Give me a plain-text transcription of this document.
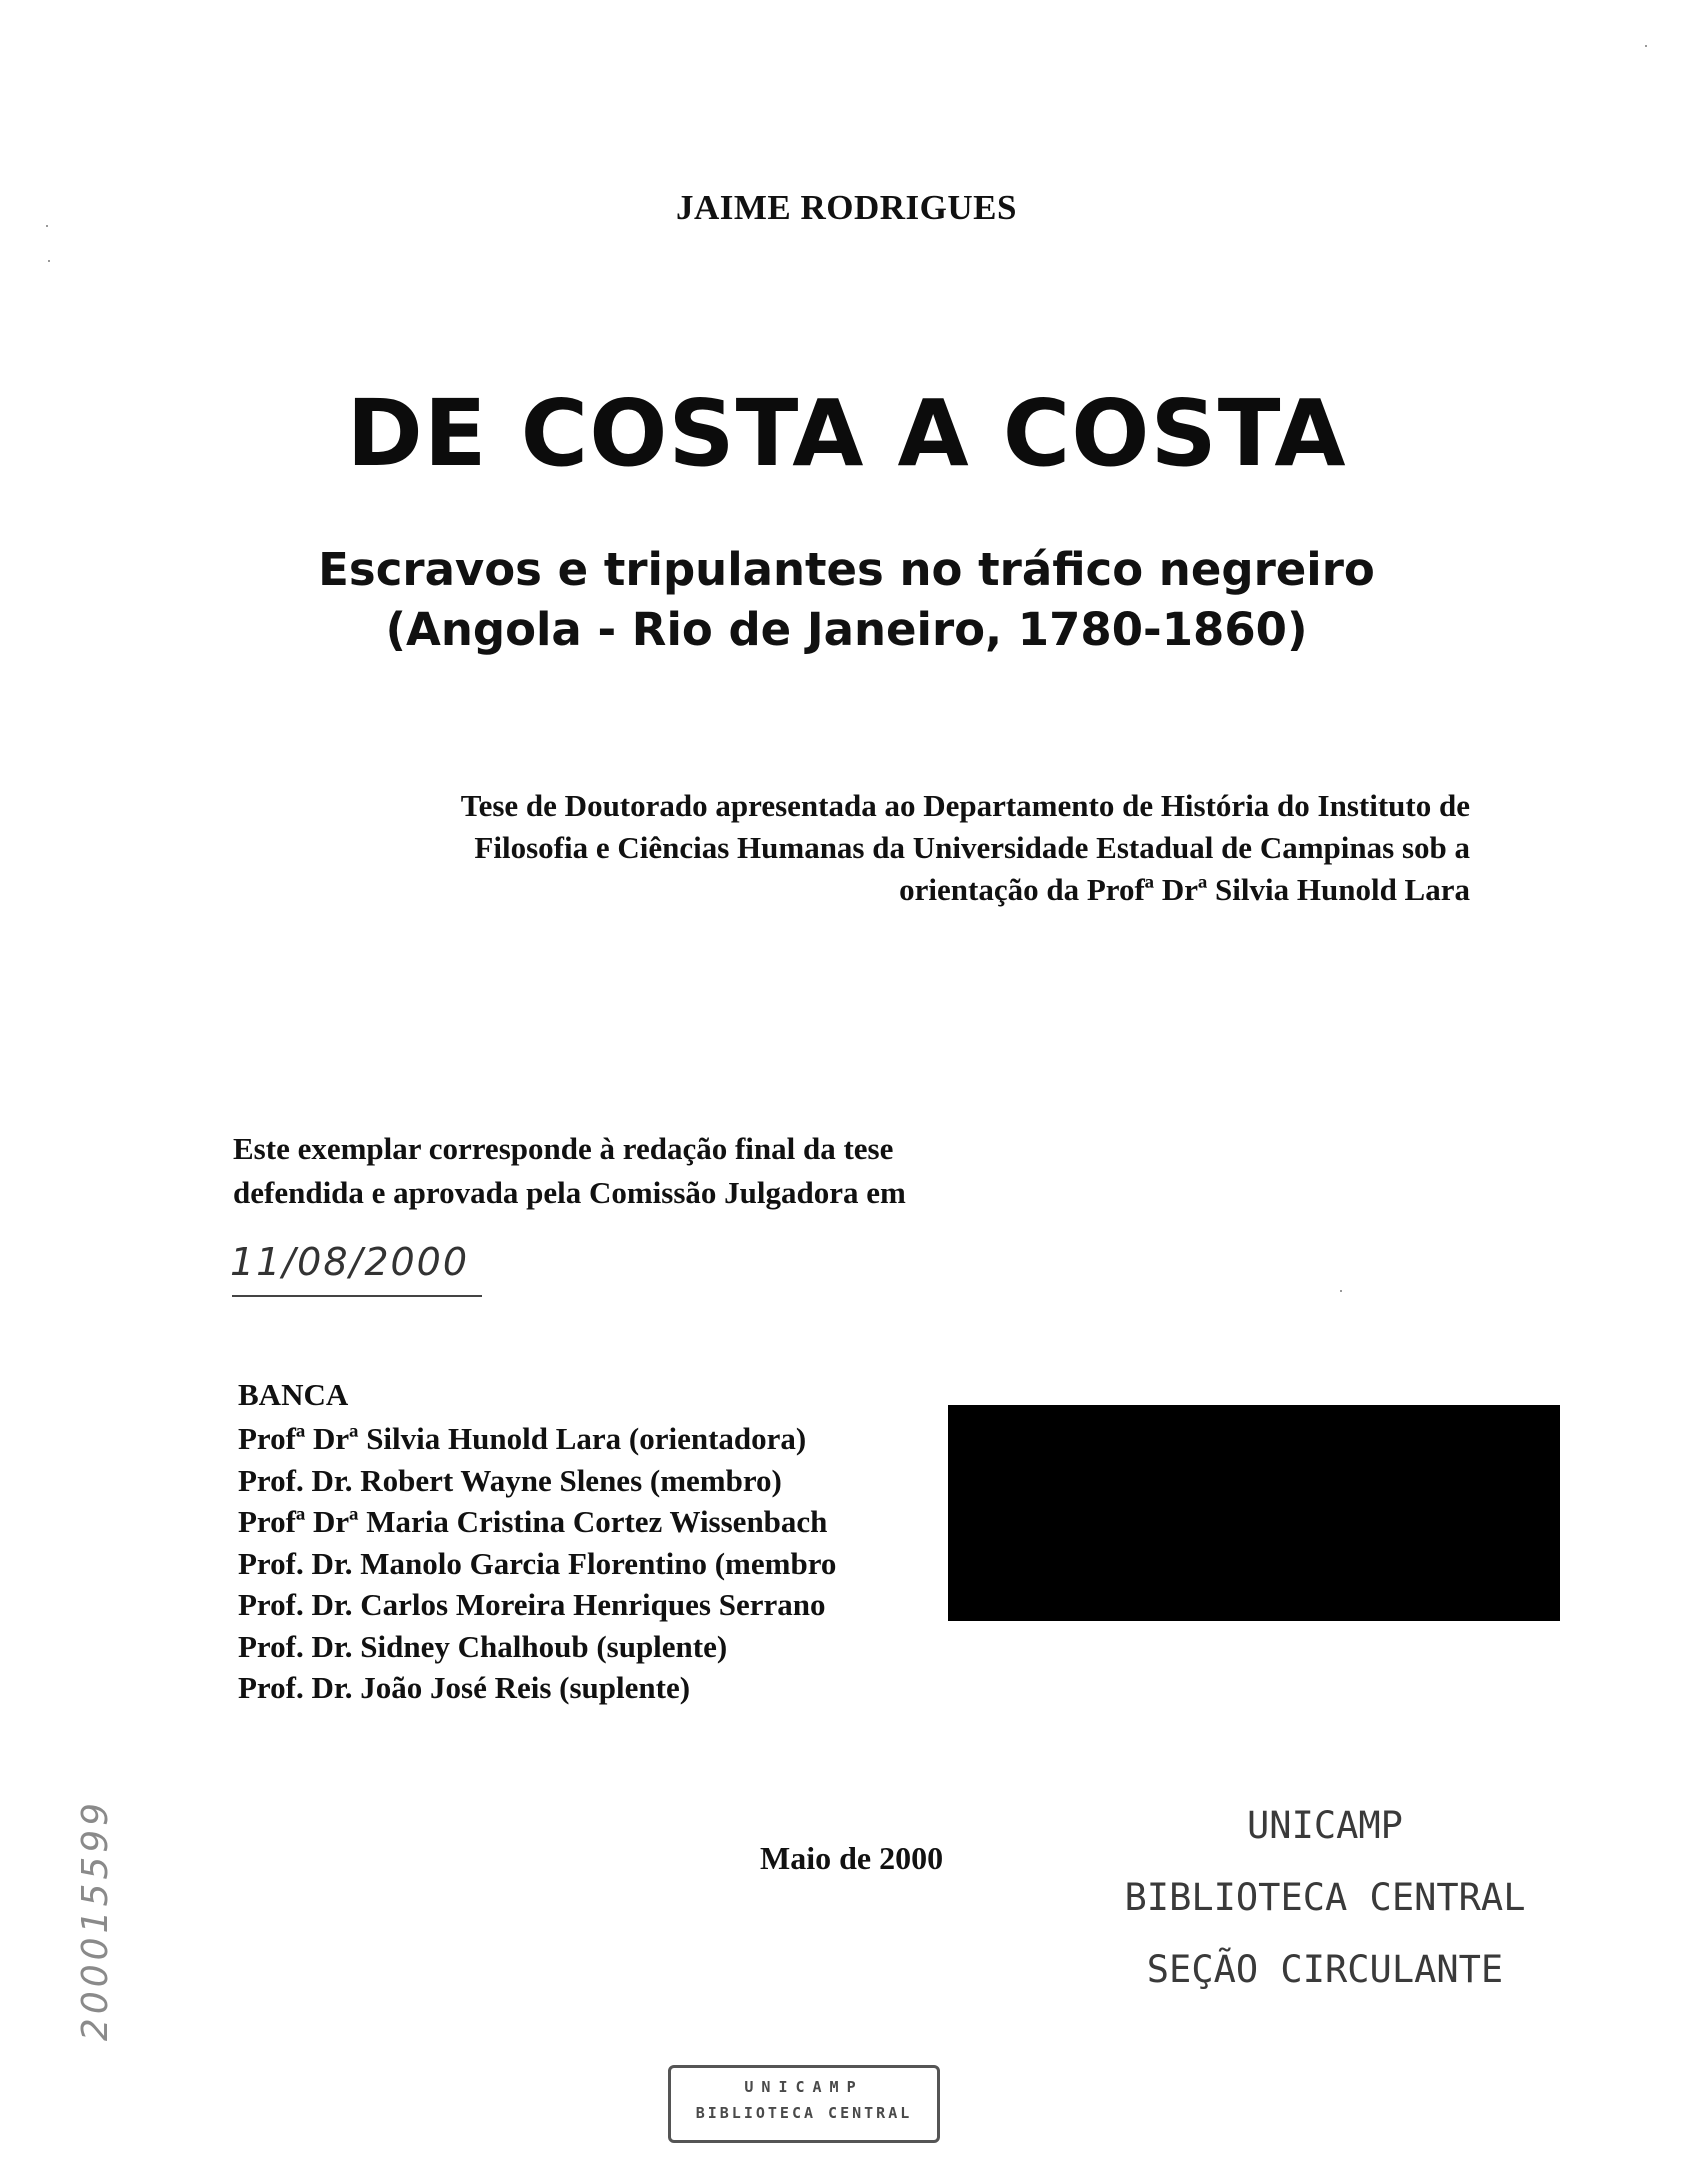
JAIME RODRIGUES
DE COSTA A COSTA
Escravos e tripulantes no tráfico negreiro
(Angola - Rio de Janeiro, 1780-1860)
Tese de Doutorado apresentada ao Departamento de História do Instituto de
Filosofia e Ciências Humanas da Universidade Estadual de Campinas sob a
orientação da Profª Drª Silvia Hunold Lara
Este exemplar corresponde à redação final da tese
defendida e aprovada pela Comissão Julgadora em
11/08/2000
BANCA
Profª Drª Silvia Hunold Lara (orientadora)
Prof. Dr. Robert Wayne Slenes (membro)
Profª Drª Maria Cristina Cortez Wissenbach
Prof. Dr. Manolo Garcia Florentino (membro
Prof. Dr. Carlos Moreira Henriques Serrano
Prof. Dr. Sidney Chalhoub (suplente)
Prof. Dr. João José Reis (suplente)
Maio de 2000
UNICAMP
BIBLIOTECA CENTRAL
SEÇÃO CIRCULANTE
200015599
UNICAMP
BIBLIOTECA CENTRAL
